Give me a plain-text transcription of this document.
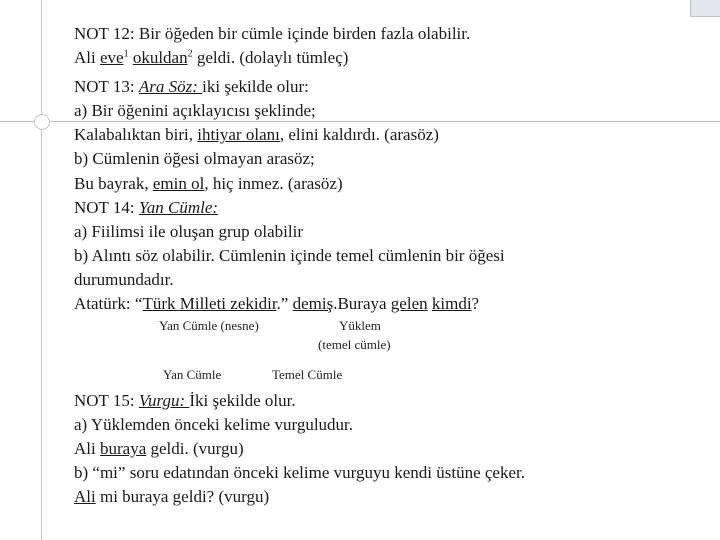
NOT 12: Bir öğeden bir cümle içinde birden fazla olabilir.
Ali eve$^1$ okuldan$^2$ geldi. (dolaylı tümleç)
NOT 13: Ara Söz: iki şekilde olur:
a) Bir öğenini açıklayıcısı şeklinde;
Kalabalıktan biri, ihtiyar olanı, elini kaldırdı. (arasöz)
b) Cümlenin öğesi olmayan arasöz;
Bu bayrak, emin ol, hiç inmez. (arasöz)
NOT 14: Yan Cümle:
a) Fiilimsi ile oluşan grup olabilir
b) Alıntı söz olabilir. Cümlenin içinde temel cümlenin bir öğesi
durumundadır.
Atatürk: “Türk Milleti zekidir.” demiş.Buraya gelen kimdi?
Yan Cümle (nesne)	Yüklem
(temel cümle)
Yan Cümle	Temel Cümle
NOT 15: Vurgu: İki şekilde olur.
a) Yüklemden önceki kelime vurguludur.
Ali buraya geldi. (vurgu)
b) “mi” soru edatından önceki kelime vurguyu kendi üstüne çeker.
Ali mi buraya geldi? (vurgu)
